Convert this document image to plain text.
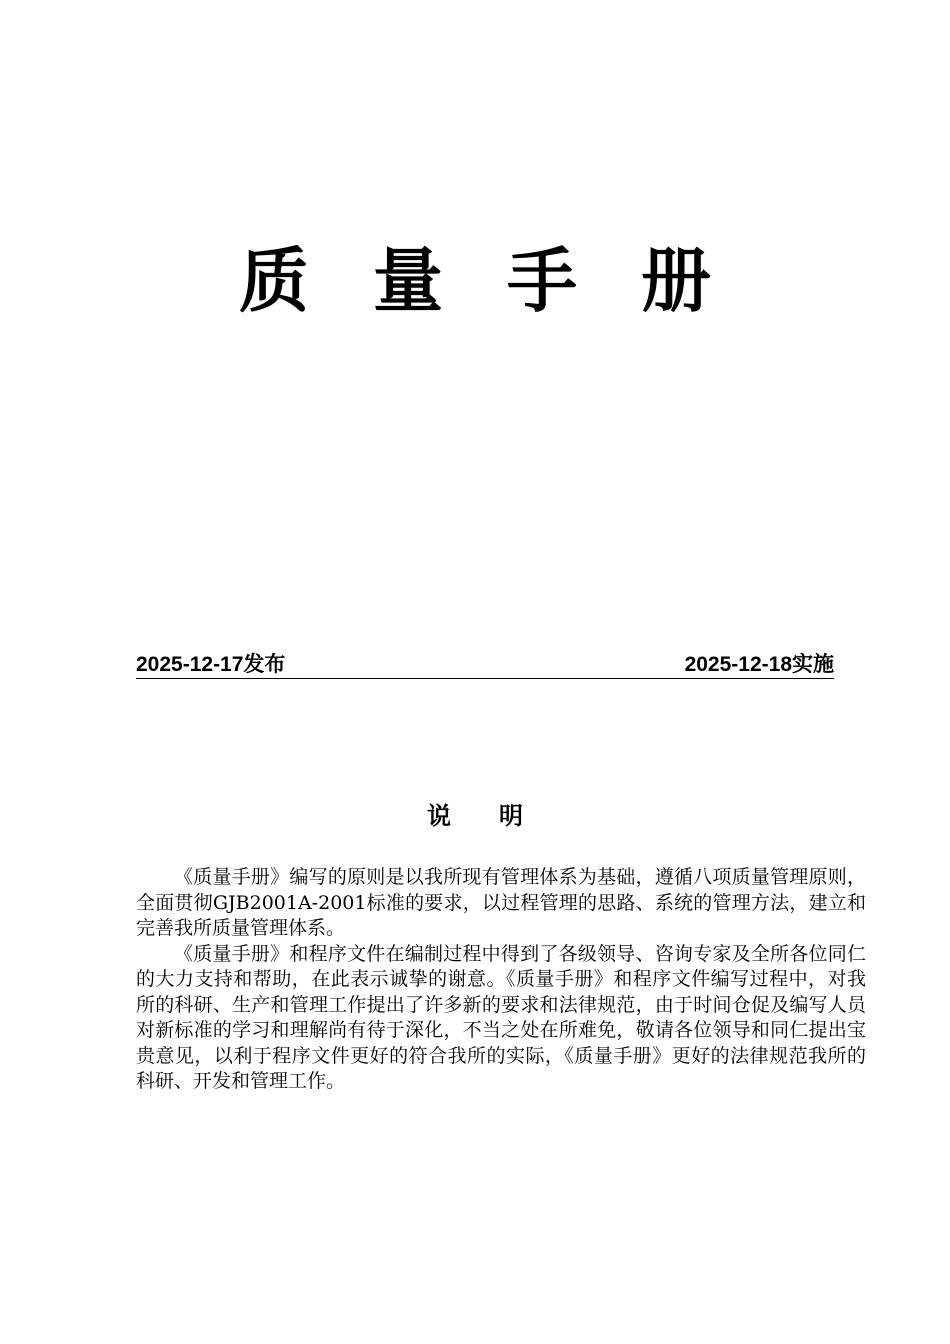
质 量 手 册
2025-12-17发布	2025-12-18实施
说 明

《质量手册》编写的原则是以我所现有管理体系为基础，遵循八项质量管理原则，全面贯彻GJB2001A-2001标准的要求，以过程管理的思路、系统的管理方法，建立和完善我所质量管理体系。

《质量手册》和程序文件在编制过程中得到了各级领导、咨询专家及全所各位同仁的大力支持和帮助，在此表示诚挚的谢意。《质量手册》和程序文件编写过程中，对我所的科研、生产和管理工作提出了许多新的要求和法律规范，由于时间仓促及编写人员对新标准的学习和理解尚有待于深化，不当之处在所难免，敬请各位领导和同仁提出宝贵意见，以利于程序文件更好的符合我所的实际，《质量手册》更好的法律规范我所的科研、开发和管理工作。
